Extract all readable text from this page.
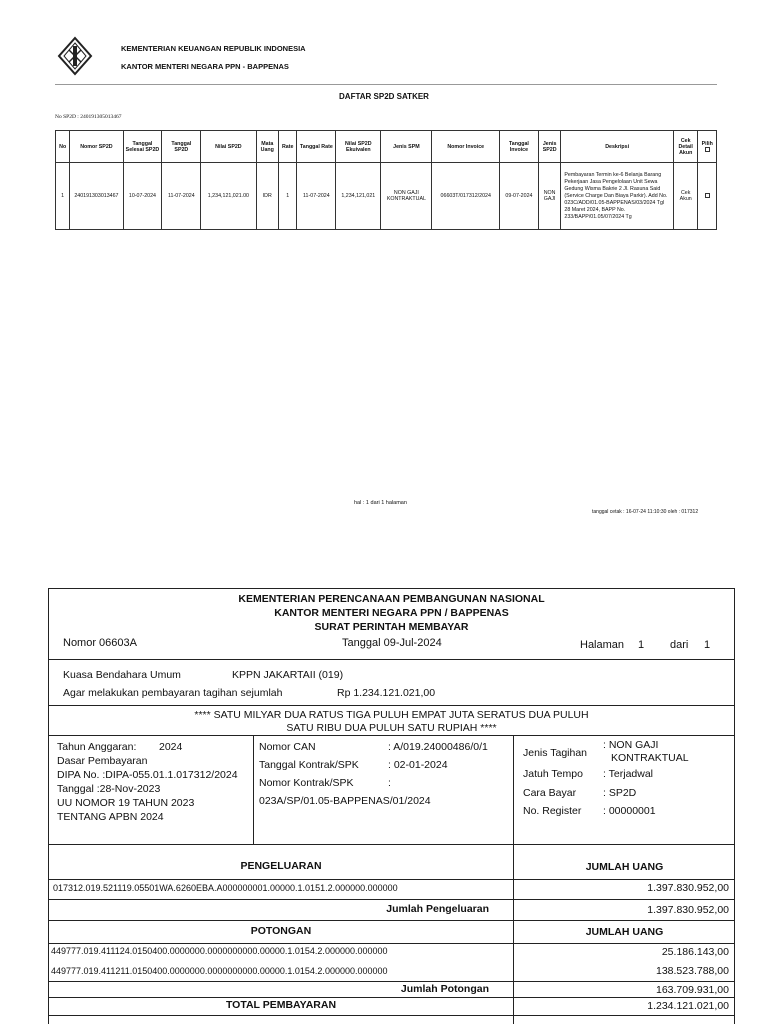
KEMENTERIAN KEUANGAN REPUBLIK INDONESIA
KANTOR MENTERI NEGARA PPN - BAPPENAS
DAFTAR SP2D SATKER
No SP2D : 240191305013467
No	Nomor SP2D	Tanggal Selesai SP2D	Tanggal SP2D	Nilai SP2D	Mata Uang	Rate	Tanggal Rate	Nilai SP2D Ekuivalen	Jenis SPM	Nomor Invoice	Tanggal Invoice	Jenis SP2D	Deskripsi	Cek Detail Akun	Pilih

1	240191303013467	10-07-2024	11-07-2024	1,234,121,021.00	IDR	1	11-07-2024	1,234,121,021	NON GAJI KONTRAKTUAL	06603T/017312/2024	09-07-2024	NON GAJI	Pembayaran Termin ke-6 Belanja Barang Pekerjaan Jasa Pengelolaan Unit Sewa Gedung Wisma Bakrie 2 Jl. Rasuna Said (Service Charge Dan Biaya Parkir). Add No. 023C/ADD/01.05-BAPPENAS/03/2024 Tgl 28 Maret 2024, BAPP No. 233/BAPP/01.05/07/2024 Tg	Cek Akun	
hal : 1 dari 1 halaman
tanggal cetak : 16-07-24 11:10:30 oleh : 017312
KEMENTERIAN PERENCANAAN PEMBANGUNAN NASIONAL
KANTOR MENTERI NEGARA PPN / BAPPENAS
SURAT PERINTAH MEMBAYAR
Nomor 06603A	Tanggal 09-Jul-2024	Halaman 1 dari 1
Kuasa Bendahara Umum	KPPN JAKARTAII (019)
Agar melakukan pembayaran tagihan sejumlah	Rp 1.234.121.021,00
**** SATU MILYAR DUA RATUS TIGA PULUH EMPAT JUTA SERATUS DUA PULUH
SATU RIBU DUA PULUH SATU RUPIAH ****
Tahun Anggaran: 2024
Dasar Pembayaran
DIPA No. :DIPA-055.01.1.017312/2024
Tanggal :28-Nov-2023
UU NOMOR 19 TAHUN 2023
TENTANG APBN 2024
Nomor CAN	: A/019.24000486/0/1
Tanggal Kontrak/SPK	: 02-01-2024
Nomor Kontrak/SPK	:
023A/SP/01.05-BAPPENAS/01/2024
Jenis Tagihan
: NON GAJI
KONTRAKTUAL
Jatuh Tempo : Terjadwal
Cara Bayar	: SP2D
No. Register : 00000001
PENGELUARAN	JUMLAH UANG
017312.019.521119.05501WA.6260EBA.A000000001.00000.1.0151.2.000000.000000	1.397.830.952,00
Jumlah Pengeluaran	1.397.830.952,00
POTONGAN	JUMLAH UANG
449777.019.411124.0150400.0000000.0000000000.00000.1.0154.2.000000.000000	25.186.143,00
449777.019.411211.0150400.0000000.0000000000.00000.1.0154.2.000000.000000	138.523.788,00
Jumlah Potongan	163.709.931,00
TOTAL PEMBAYARAN	1.234.121.021,00
